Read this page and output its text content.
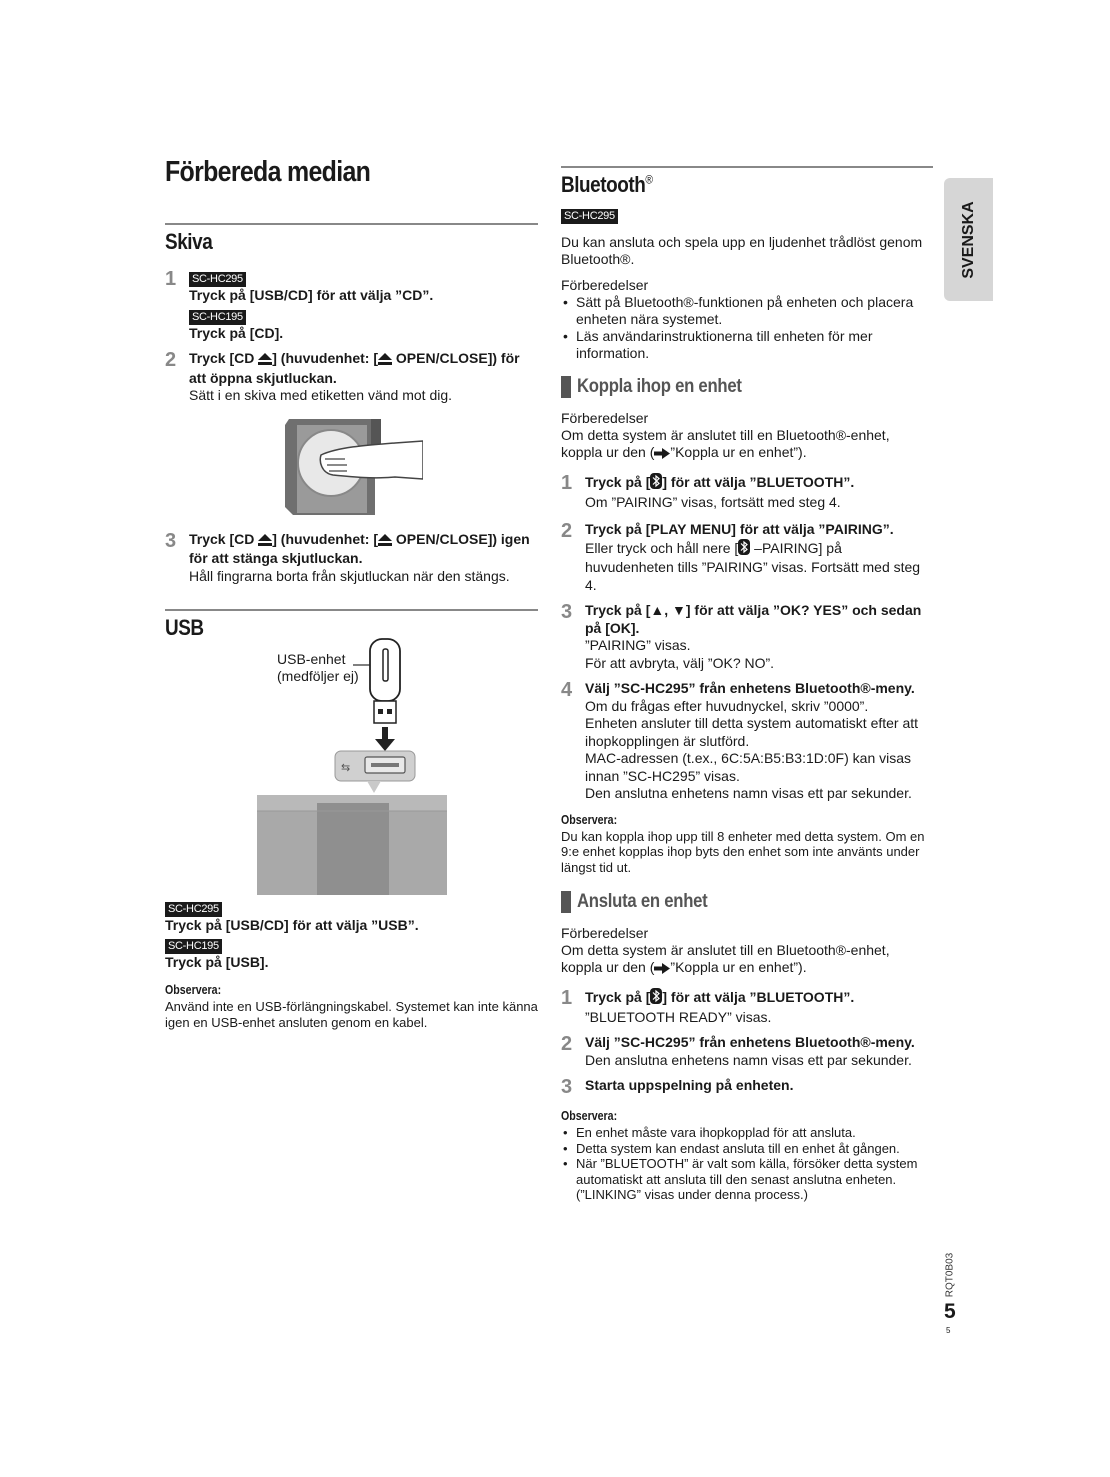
Förbereda median
Skiva
1	SC-HC295
Tryck på [USB/CD] för att välja ”CD”.
SC-HC195
Tryck på [CD].
2 Tryck [CD ] (huvudenhet: [ OPEN/CLOSE]) för
att öppna skjutluckan.
Sätt i en skiva med etiketten vänd mot dig.
3 Tryck [CD ] (huvudenhet: [ OPEN/CLOSE]) igen
för att stänga skjutluckan.
Håll fingrarna borta från skjutluckan när den stängs.
USB
USB-enhet
(medföljer ej)
⇆
SC-HC295

Tryck på [USB/CD] för att välja ”USB”.

SC-HC195

Tryck på [USB].

Observera:

Använd inte en USB-förlängningskabel. Systemet kan inte känna igen en USB-enhet ansluten genom en kabel.

Bluetooth®
SC-HC295

Du kan ansluta och spela upp en ljudenhet trådlöst genom Bluetooth®.

Förberedelser

• Sätt på Bluetooth®-funktionen på enheten och placera enheten nära systemet.
• Läs användarinstruktionerna till enheten för mer information.
Koppla ihop en enhet

Förberedelser

Om detta system är anslutet till en Bluetooth®-enhet,

koppla ur den ( ”Koppla ur en enhet”).

1 Tryck på [ ] för att välja ”BLUETOOTH”.
Om ”PAIRING” visas, fortsätt med steg 4.
2 Tryck på [PLAY MENU] för att välja ”PAIRING”.
Eller tryck och håll nere [ –PAIRING] på
huvudenheten tills ”PAIRING” visas. Fortsätt med steg 4.
3 Tryck på [▲, ▼] för att välja ”OK? YES” och sedan
på [OK].
”PAIRING” visas.
För att avbryta, välj ”OK? NO”.
4 Välj ”SC-HC295” från enhetens Bluetooth®-meny.
Om du frågas efter huvudnyckel, skriv ”0000”.
Enheten ansluter till detta system automatiskt efter att ihopkopplingen är slutförd.
MAC-adressen (t.ex., 6C:5A:B5:B3:1D:0F) kan visas innan ”SC-HC295” visas.
Den anslutna enhetens namn visas ett par sekunder.
Observera:

Du kan koppla ihop upp till 8 enheter med detta system. Om en 9:e enhet kopplas ihop byts den enhet som inte använts under längst tid ut.

Ansluta en enhet

Förberedelser

Om detta system är anslutet till en Bluetooth®-enhet,

koppla ur den ( ”Koppla ur en enhet”).

1 Tryck på [ ] för att välja ”BLUETOOTH”.
”BLUETOOTH READY” visas.
2 Välj ”SC-HC295” från enhetens Bluetooth®-meny.
Den anslutna enhetens namn visas ett par sekunder.
3 Starta uppspelning på enheten.
Observera:
• En enhet måste vara ihopkopplad för att ansluta.
• Detta system kan endast ansluta till en enhet åt gången.
• När ”BLUETOOTH” är valt som källa, försöker detta system automatiskt att ansluta till den senast anslutna enheten. (”LINKING” visas under denna process.)
SVENSKA
RQT0B03
5
5
